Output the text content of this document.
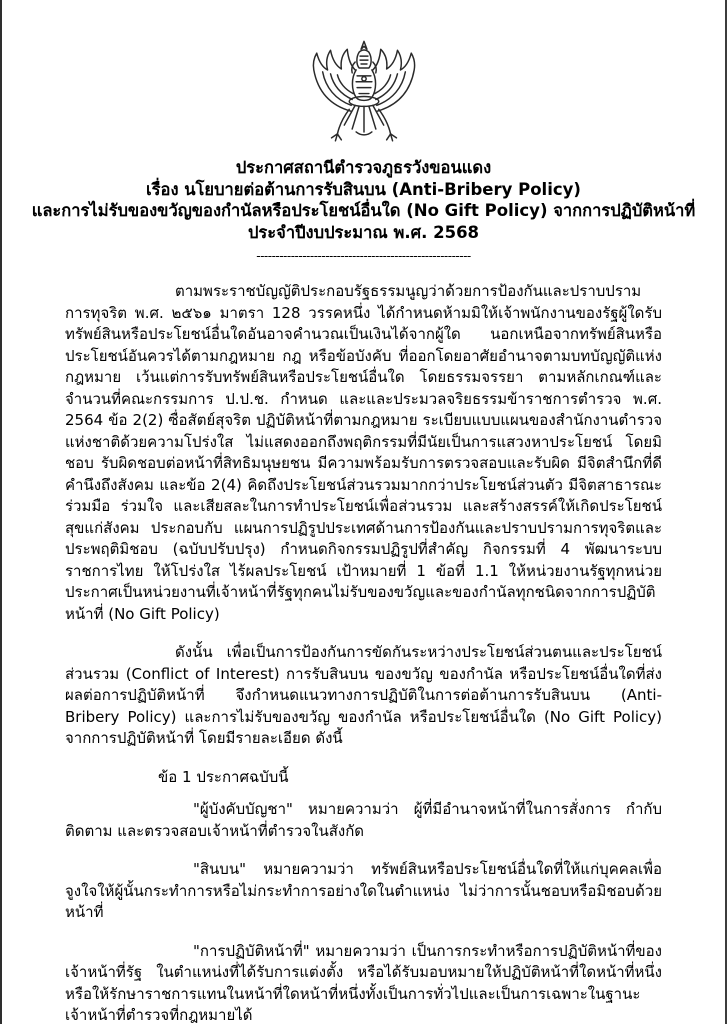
ประกาศสถานีตำรวจภูธรวังขอนแดง
เรื่อง นโยบายต่อต้านการรับสินบน (Anti-Bribery Policy)
และการไม่รับของขวัญของกำนัลหรือประโยชน์อื่นใด (No Gift Policy) จากการปฏิบัติหน้าที่
ประจำปีงบประมาณ พ.ศ. 2568
--------------------------------------------------------

ตามพระราชบัญญัติประกอบรัฐธรรมนูญว่าด้วยการป้องกันและปราบปรามการทุจริต พ.ศ. ๒๕๖๑ มาตรา 128 วรรคหนึ่ง ได้กำหนดห้ามมิให้เจ้าพนักงานของรัฐผู้ใดรับทรัพย์สินหรือประโยชน์อื่นใดอันอาจคำนวณเป็นเงินได้จากผู้ใด นอกเหนือจากทรัพย์สินหรือประโยชน์อันควรได้ตามกฎหมาย กฎ หรือข้อบังคับ ที่ออกโดยอาศัยอำนาจตามบทบัญญัติแห่งกฎหมาย เว้นแต่การรับทรัพย์สินหรือประโยชน์อื่นใด โดยธรรมจรรยา ตามหลักเกณฑ์และจำนวนที่คณะกรรมการ ป.ป.ช. กำหนด และและประมวลจริยธรรมข้าราชการตำรวจ พ.ศ. 2564 ข้อ 2(2) ซื่อสัตย์สุจริต ปฏิบัติหน้าที่ตามกฎหมาย ระเบียบแบบแผนของสำนักงานตำรวจแห่งชาติด้วยความโปร่งใส ไม่แสดงออกถึงพฤติกรรมที่มีนัยเป็นการแสวงหาประโยชน์ โดยมิชอบ รับผิดชอบต่อหน้าที่สิทธิมนุษยชน มีความพร้อมรับการตรวจสอบและรับผิด มีจิตสำนึกที่ดี คำนึงถึงสังคม และข้อ 2(4) คิดถึงประโยชน์ส่วนรวมมากกว่าประโยชน์ส่วนตัว มีจิตสาธารณะ ร่วมมือ ร่วมใจ และเสียสละในการทำประโยชน์เพื่อส่วนรวม และสร้างสรรค์ให้เกิดประโยชน์สุขแก่สังคม ประกอบกับ แผนการปฏิรูปประเทศด้านการป้องกันและปราบปรามการทุจริตและประพฤติมิชอบ (ฉบับปรับปรุง) กำหนดกิจกรรมปฏิรูปที่สำคัญ กิจกรรมที่ 4 พัฒนาระบบราชการไทย ให้โปร่งใส ไร้ผลประโยชน์ เป้าหมายที่ 1 ข้อที่ 1.1 ให้หน่วยงานรัฐทุกหน่วยประกาศเป็นหน่วยงานที่เจ้าหน้าที่รัฐทุกคนไม่รับของขวัญและของกำนัลทุกชนิดจากการปฏิบัติหน้าที่ (No Gift Policy)

ดังนั้น เพื่อเป็นการป้องกันการขัดกันระหว่างประโยชน์ส่วนตนและประโยชน์ส่วนรวม (Conflict of Interest) การรับสินบน ของขวัญ ของกำนัล หรือประโยชน์อื่นใดที่ส่งผลต่อการปฏิบัติหน้าที่ จึงกำหนดแนวทางการปฏิบัติในการต่อต้านการรับสินบน (Anti-Bribery Policy) และการไม่รับของขวัญ ของกำนัล หรือประโยชน์อื่นใด (No Gift Policy) จากการปฏิบัติหน้าที่ โดยมีรายละเอียด ดังนี้

ข้อ 1 ประกาศฉบับนี้

"ผู้บังคับบัญชา" หมายความว่า ผู้ที่มีอำนาจหน้าที่ในการสั่งการ กำกับ ติดตาม และตรวจสอบเจ้าหน้าที่ตำรวจในสังกัด

"สินบน" หมายความว่า ทรัพย์สินหรือประโยชน์อื่นใดที่ให้แก่บุคคลเพื่อจูงใจให้ผู้นั้นกระทำการหรือไม่กระทำการอย่างใดในตำแหน่ง ไม่ว่าการนั้นชอบหรือมิชอบด้วยหน้าที่

"การปฏิบัติหน้าที่" หมายความว่า เป็นการกระทำหรือการปฏิบัติหน้าที่ของเจ้าหน้าที่รัฐ ในตำแหน่งที่ได้รับการแต่งตั้ง หรือได้รับมอบหมายให้ปฏิบัติหน้าที่ใดหน้าที่หนึ่ง หรือให้รักษาราชการแทนในหน้าที่ใดหน้าที่หนึ่งทั้งเป็นการทั่วไปและเป็นการเฉพาะในฐานะเจ้าหน้าที่ตำรวจที่กฎหมายได้
